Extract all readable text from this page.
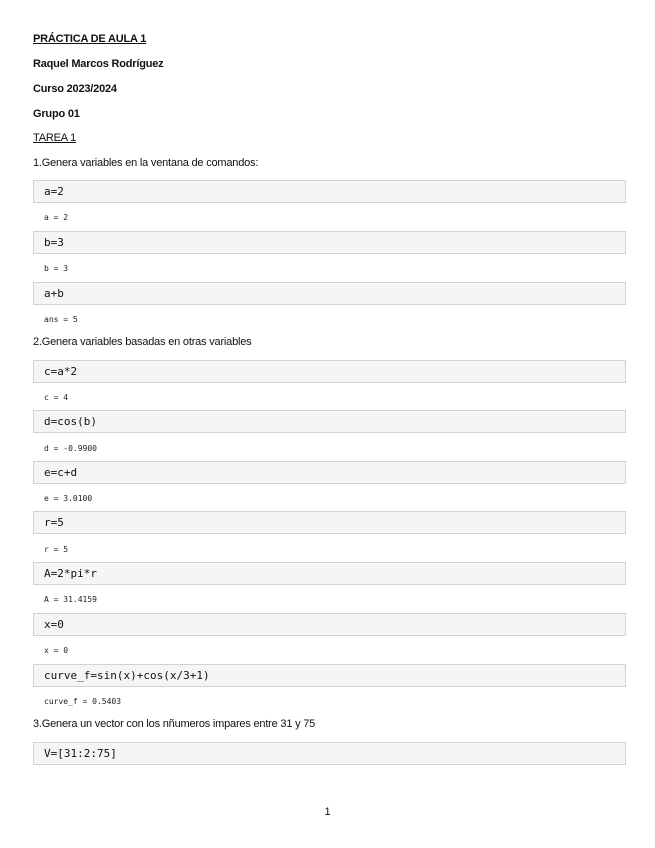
PRÁCTICA DE AULA 1
Raquel Marcos Rodríguez
Curso 2023/2024
Grupo 01
TAREA 1
1.Genera variables en la ventana de comandos:
a=2
a = 2
b=3
b = 3
a+b
ans = 5
2.Genera variables basadas en otras variables
c=a*2
c = 4
d=cos(b)
d = -0.9900
e=c+d
e = 3.0100
r=5
r = 5
A=2*pi*r
A = 31.4159
x=0
x = 0
curve_f=sin(x)+cos(x/3+1)
curve_f = 0.5403
3.Genera un vector con los nñumeros impares entre 31 y 75
V=[31:2:75]
1
